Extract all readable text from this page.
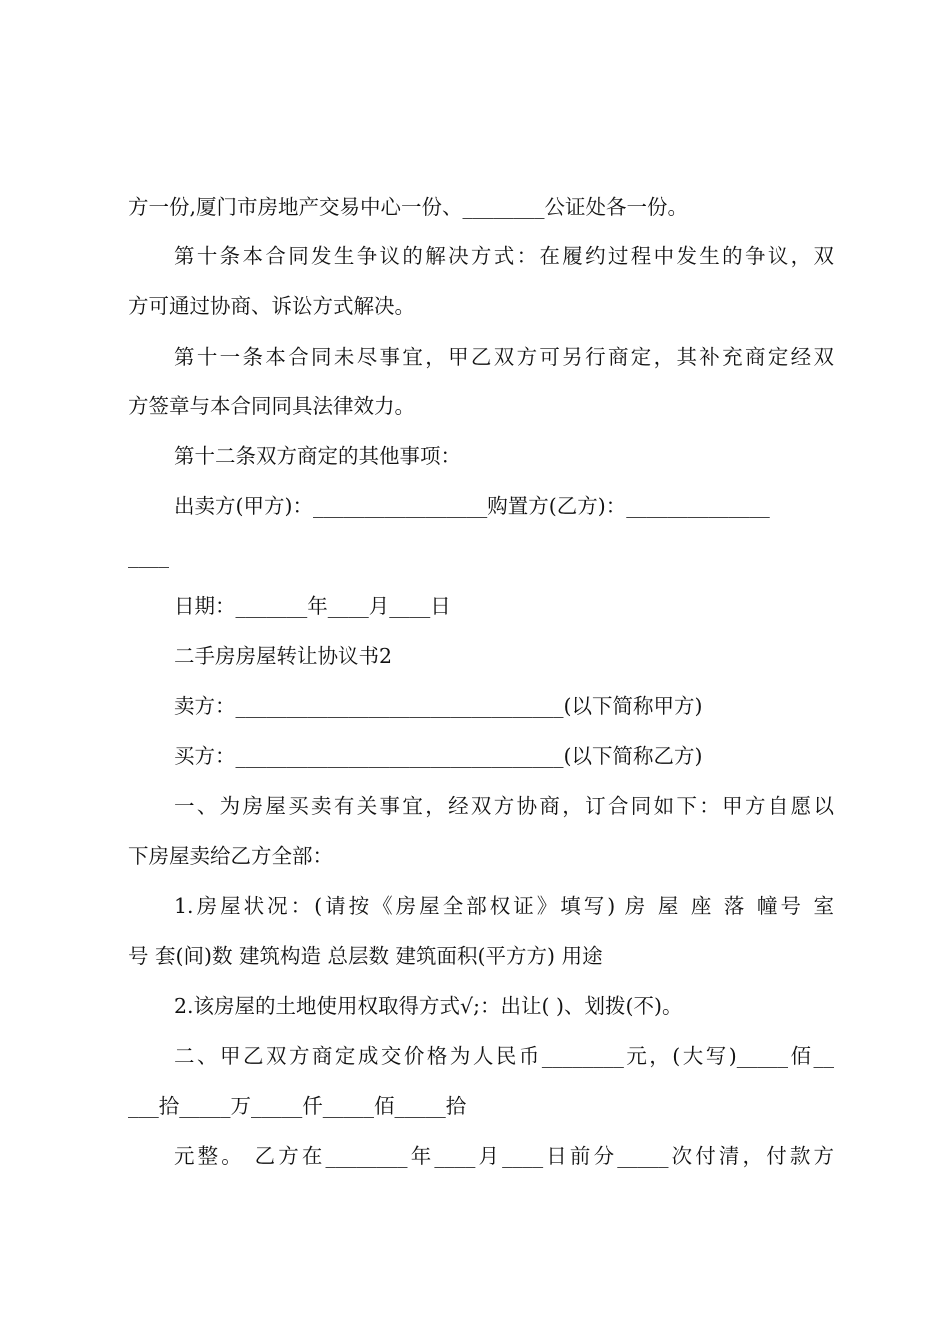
方一份,厦门市房地产交易中心一份、________公证处各一份。
第十条本合同发生争议的解决方式：在履约过程中发生的争议，双
方可通过协商、诉讼方式解决。
第十一条本合同未尽事宜，甲乙双方可另行商定，其补充商定经双
方签章与本合同同具法律效力。
第十二条双方商定的其他事项：
出卖方(甲方)：_________________购置方(乙方)：______________
____
日期：_______年____月____日
二手房房屋转让协议书2
卖方：________________________________(以下简称甲方)
买方：________________________________(以下简称乙方)
一、为房屋买卖有关事宜，经双方协商，订合同如下：甲方自愿以
下房屋卖给乙方全部：
1.房屋状况：(请按《房屋全部权证》填写) 房 屋 座 落 幢号 室
号 套(间)数 建筑构造 总层数 建筑面积(平方方) 用途
2.该房屋的土地使用权取得方式√;：出让( )、划拨(不)。
二、甲乙双方商定成交价格为人民币________元，(大写)_____佰__
___拾_____万_____仟_____佰_____拾
元整。 乙方在________年____月____日前分_____次付清，付款方
